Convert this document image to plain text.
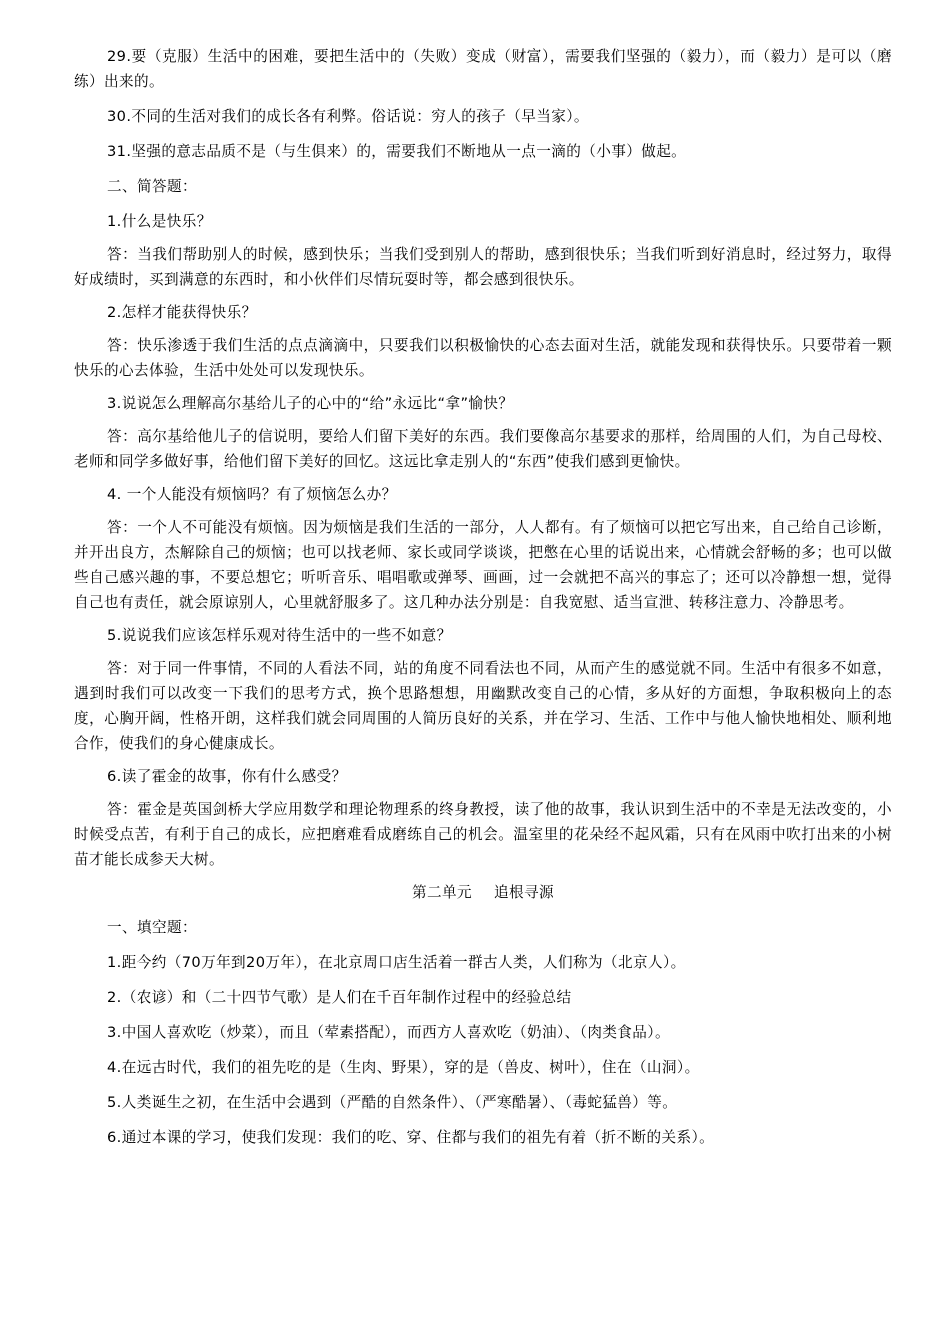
29.要（克服）生活中的困难，要把生活中的（失败）变成（财富），需要我们坚强的（毅力），而（毅力）是可以（磨练）出来的。

30.不同的生活对我们的成长各有利弊。俗话说：穷人的孩子（早当家）。

31.坚强的意志品质不是（与生俱来）的，需要我们不断地从一点一滴的（小事）做起。

二、简答题：

1.什么是快乐？

答：当我们帮助别人的时候，感到快乐；当我们受到别人的帮助，感到很快乐；当我们听到好消息时，经过努力，取得好成绩时，买到满意的东西时，和小伙伴们尽情玩耍时等，都会感到很快乐。

2.怎样才能获得快乐？

答：快乐渗透于我们生活的点点滴滴中，只要我们以积极愉快的心态去面对生活，就能发现和获得快乐。只要带着一颗快乐的心去体验，生活中处处可以发现快乐。

3.说说怎么理解高尔基给儿子的心中的“给”永远比“拿”愉快？

答：高尔基给他儿子的信说明，要给人们留下美好的东西。我们要像高尔基要求的那样，给周围的人们，为自己母校、老师和同学多做好事，给他们留下美好的回忆。这远比拿走别人的“东西”使我们感到更愉快。

4. 一个人能没有烦恼吗？有了烦恼怎么办？

答：一个人不可能没有烦恼。因为烦恼是我们生活的一部分，人人都有。有了烦恼可以把它写出来，自己给自己诊断，并开出良方，杰解除自己的烦恼；也可以找老师、家长或同学谈谈，把憋在心里的话说出来，心情就会舒畅的多；也可以做些自己感兴趣的事，不要总想它；听听音乐、唱唱歌或弹琴、画画，过一会就把不高兴的事忘了；还可以冷静想一想，觉得自己也有责任，就会原谅别人，心里就舒服多了。这几种办法分别是：自我宽慰、适当宣泄、转移注意力、冷静思考。

5.说说我们应该怎样乐观对待生活中的一些不如意？

答：对于同一件事情，不同的人看法不同，站的角度不同看法也不同，从而产生的感觉就不同。生活中有很多不如意，遇到时我们可以改变一下我们的思考方式，换个思路想想，用幽默改变自己的心情，多从好的方面想，争取积极向上的态度，心胸开阔，性格开朗，这样我们就会同周围的人简历良好的关系，并在学习、生活、工作中与他人愉快地相处、顺利地合作，使我们的身心健康成长。

6.读了霍金的故事，你有什么感受？

答：霍金是英国剑桥大学应用数学和理论物理系的终身教授，读了他的故事，我认识到生活中的不幸是无法改变的，小时候受点苦，有利于自己的成长，应把磨难看成磨练自己的机会。温室里的花朵经不起风霜，只有在风雨中吹打出来的小树苗才能长成参天大树。

第二单元 追根寻源

一、填空题：

1.距今约（70万年到20万年），在北京周口店生活着一群古人类，人们称为（北京人）。

2.（农谚）和（二十四节气歌）是人们在千百年制作过程中的经验总结

3.中国人喜欢吃（炒菜），而且（荤素搭配），而西方人喜欢吃（奶油）、（肉类食品）。

4.在远古时代，我们的祖先吃的是（生肉、野果），穿的是（兽皮、树叶），住在（山洞）。

5.人类诞生之初，在生活中会遇到（严酷的自然条件）、（严寒酷暑）、（毒蛇猛兽）等。

6.通过本课的学习，使我们发现：我们的吃、穿、住都与我们的祖先有着（折不断的关系）。
